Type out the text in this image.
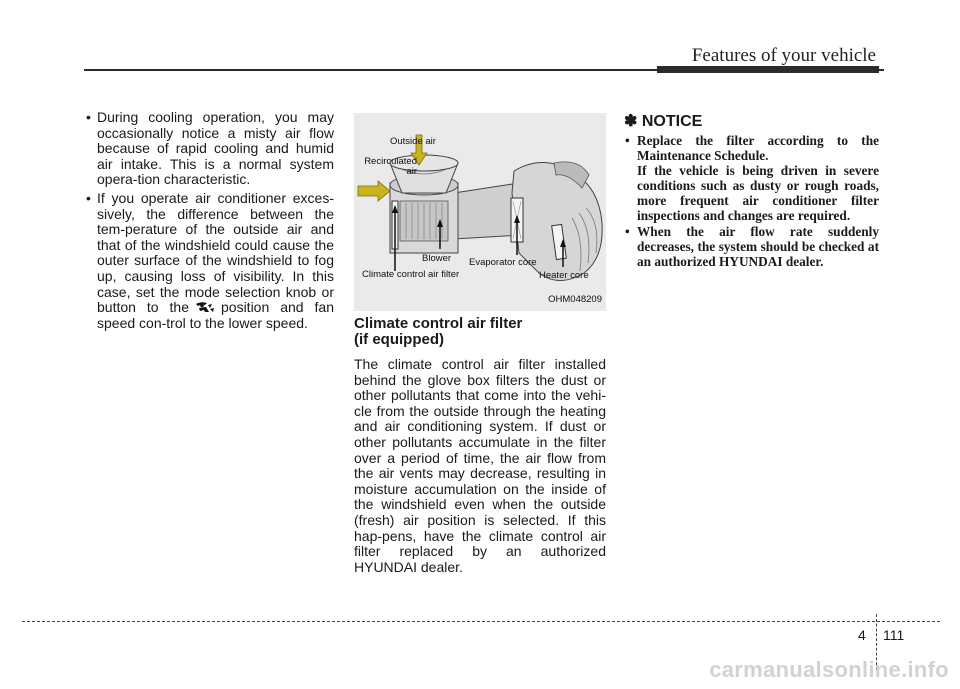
Features of your vehicle
• During cooling operation, you may occasionally notice a misty air flow because of rapid cooling and humid air intake. This is a normal system opera-tion characteristic.
• If you operate air conditioner exces-sively, the difference between the tem-perature of the outside air and that of the windshield could cause the outer surface of the windshield to fog up, causing loss of visibility. In this case, set the mode selection knob or button to the position and fan speed con-trol to the lower speed.
Outside air
Recirculated air
Blower Evaporator core
Climate control air filter	Heater core
OHM048209
Climate control air filter
(if equipped)
The climate control air filter installed behind the glove box filters the dust or other pollutants that come into the vehi-cle from the outside through the heating and air conditioning system. If dust or other pollutants accumulate in the filter over a period of time, the air flow from the air vents may decrease, resulting in moisture accumulation on the inside of the windshield even when the outside (fresh) air position is selected. If this hap-pens, have the climate control air filter replaced by an authorized HYUNDAI dealer.
✽ NOTICE
• Replace the filter according to the Maintenance Schedule.
If the vehicle is being driven in severe conditions such as dusty or rough roads, more frequent air conditioner filter inspections and changes are required.
• When the air flow rate suddenly decreases, the system should be checked at an authorized HYUNDAI dealer.
4 111
carmanualsonline.info
